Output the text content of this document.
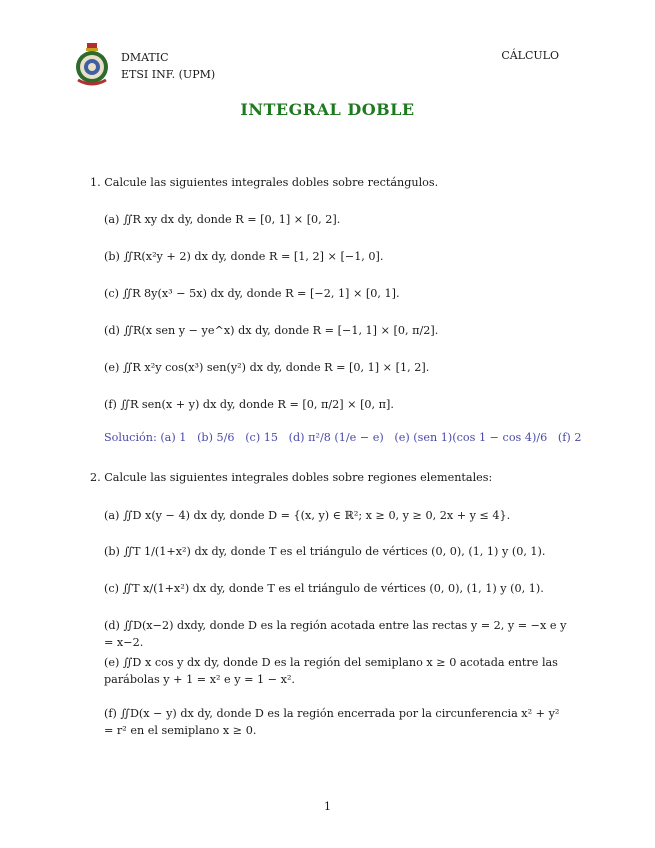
DMATIC
ETSI INF. (UPM)
CÁLCULO
INTEGRAL DOBLE
1. Calcule las siguientes integrales dobles sobre rectángulos.
(a) ∬R xy dx dy, donde R = [0, 1] × [0, 2].
(b) ∬R(x²y + 2) dx dy, donde R = [1, 2] × [−1, 0].
(c) ∬R 8y(x³ − 5x) dx dy, donde R = [−2, 1] × [0, 1].
(d) ∬R(x sen y − ye^x) dx dy, donde R = [−1, 1] × [0, π/2].
(e) ∬R x²y cos(x³) sen(y²) dx dy, donde R = [0, 1] × [1, 2].
(f) ∬R sen(x + y) dx dy, donde R = [0, π/2] × [0, π].
Solución: (a) 1 (b) 5/6 (c) 15 (d) π²/8 (1/e − e) (e) (sen 1)(cos 1 − cos 4)/6 (f) 2
2. Calcule las siguientes integrales dobles sobre regiones elementales:
(a) ∬D x(y − 4) dx dy, donde D = {(x, y) ∈ ℝ²; x ≥ 0, y ≥ 0, 2x + y ≤ 4}.
(b) ∬T 1/(1+x²) dx dy, donde T es el triángulo de vértices (0, 0), (1, 1) y (0, 1).
(c) ∬T x/(1+x²) dx dy, donde T es el triángulo de vértices (0, 0), (1, 1) y (0, 1).
(d) ∬D(x−2) dxdy, donde D es la región acotada entre las rectas y = 2, y = −x e y = x−2.
(e) ∬D x cos y dx dy, donde D es la región del semiplano x ≥ 0 acotada entre las parábolas y + 1 = x² e y = 1 − x².
(f) ∬D(x − y) dx dy, donde D es la región encerrada por la circunferencia x² + y² = r² en el semiplano x ≥ 0.
1
